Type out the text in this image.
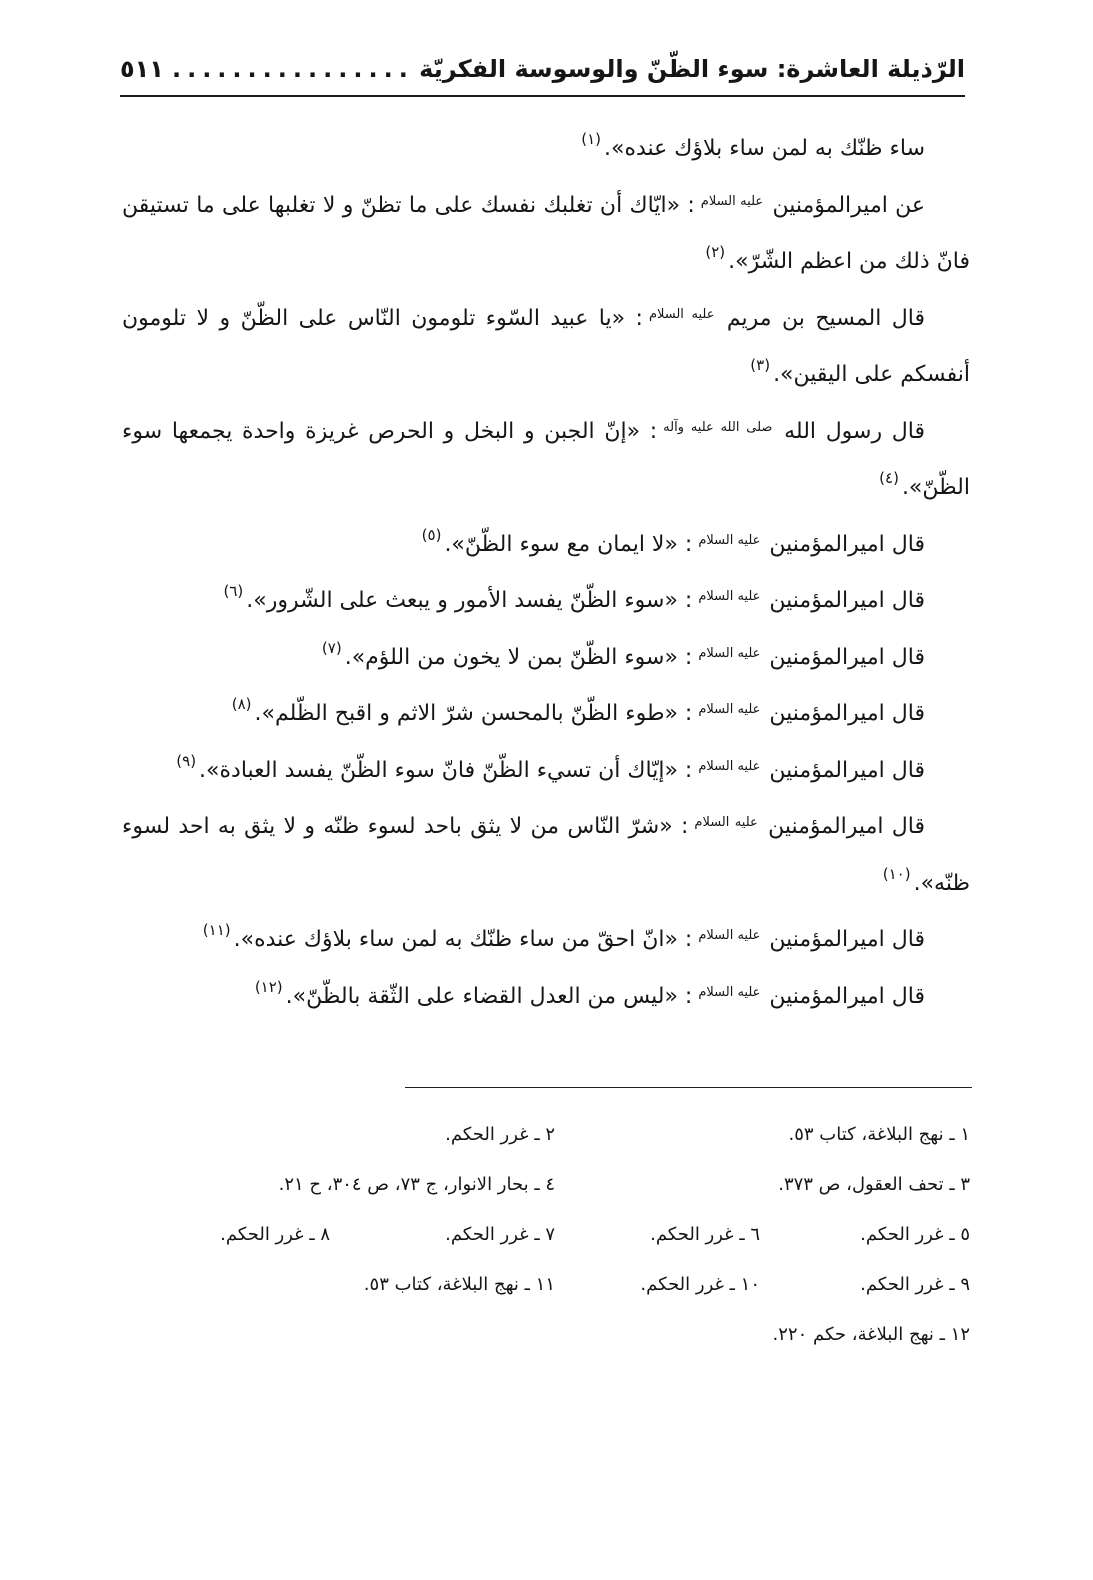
الرّذيلة العاشرة: سوء الظّنّ والوسوسة الفكريّة
................
٥١١

ساء ظنّك به لمن ساء بلاؤك عنده».$^{(١)}$

عن اميرالمؤمنين $^{عليه السلام}$: «ايّاك أن تغلبك نفسك على ما تظنّ و لا تغلبها على ما تستيقن فانّ ذلك من اعظم الشّرّ».$^{(٢)}$

قال المسيح بن مريم $^{عليه السلام}$: «يا عبيد السّوء تلومون النّاس على الظّنّ و لا تلومون أنفسكم على اليقين».$^{(٣)}$

قال رسول الله $^{صلى الله عليه وآله}$: «إنّ الجبن و البخل و الحرص غريزة واحدة يجمعها سوء الظّنّ».$^{(٤)}$

قال اميرالمؤمنين $^{عليه السلام}$: «لا ايمان مع سوء الظّنّ».$^{(٥)}$

قال اميرالمؤمنين $^{عليه السلام}$: «سوء الظّنّ يفسد الأمور و يبعث على الشّرور».$^{(٦)}$

قال اميرالمؤمنين $^{عليه السلام}$: «سوء الظّنّ بمن لا يخون من اللؤم».$^{(٧)}$

قال اميرالمؤمنين $^{عليه السلام}$: «طوء الظّنّ بالمحسن شرّ الاثم و اقبح الظّلم».$^{(٨)}$

قال اميرالمؤمنين $^{عليه السلام}$: «إيّاك أن تسيء الظّنّ فانّ سوء الظّنّ يفسد العبادة».$^{(٩)}$

قال اميرالمؤمنين $^{عليه السلام}$: «شرّ النّاس من لا يثق باحد لسوء ظنّه و لا يثق به احد لسوء ظنّه».$^{(١٠)}$

قال اميرالمؤمنين $^{عليه السلام}$: «انّ احقّ من ساء ظنّك به لمن ساء بلاؤك عنده».$^{(١١)}$

قال اميرالمؤمنين $^{عليه السلام}$: «ليس من العدل القضاء على الثّقة بالظّنّ».$^{(١٢)}$

١ ـ نهج البلاغة، كتاب ٥٣.
٢ ـ غرر الحكم.
٣ ـ تحف العقول، ص ٣٧٣.
٤ ـ بحار الانوار، ج ٧٣، ص ٣٠٤، ح ٢١.
٥ ـ غرر الحكم.
٦ ـ غرر الحكم.
٧ ـ غرر الحكم.
٨ ـ غرر الحكم.
٩ ـ غرر الحكم.
١٠ ـ غرر الحكم.
١١ ـ نهج البلاغة، كتاب ٥٣.
١٢ ـ نهج البلاغة، حكم ٢٢٠.
